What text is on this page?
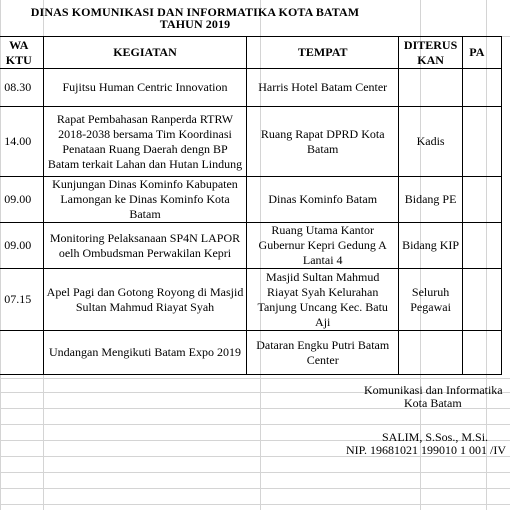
DINAS KOMUNIKASI DAN INFORMATIKA KOTA BATAM
TAHUN 2019
WAKTU	KEGIATAN	TEMPAT	DITERUSKAN	PA
08.30	Fujitsu Human Centric Innovation	Harris Hotel Batam Center		
14.00	Rapat Pembahasan Ranperda RTRW 2018-2038 bersama Tim Koordinasi Penataan Ruang Daerah dengn BP Batam terkait Lahan dan Hutan Lindung	Ruang Rapat DPRD Kota Batam	Kadis	
09.00	Kunjungan Dinas Kominfo Kabupaten Lamongan ke Dinas Kominfo Kota Batam	Dinas Kominfo Batam	Bidang PE	
09.00	Monitoring Pelaksanaan SP4N LAPOR oelh Ombudsman Perwakilan Kepri	Ruang Utama Kantor Gubernur Kepri Gedung A Lantai 4	Bidang KIP	
07.15	Apel Pagi dan Gotong Royong di Masjid Sultan Mahmud Riayat Syah	Masjid Sultan Mahmud Riayat Syah Kelurahan Tanjung Uncang Kec. Batu Aji	Seluruh Pegawai	
	Undangan Mengikuti Batam Expo 2019	Dataran Engku Putri Batam Center		
Komunikasi dan Informatika
Kota Batam
SALIM, S.Sos., M.Si.
NIP. 19681021 199010 1 001 /IV
